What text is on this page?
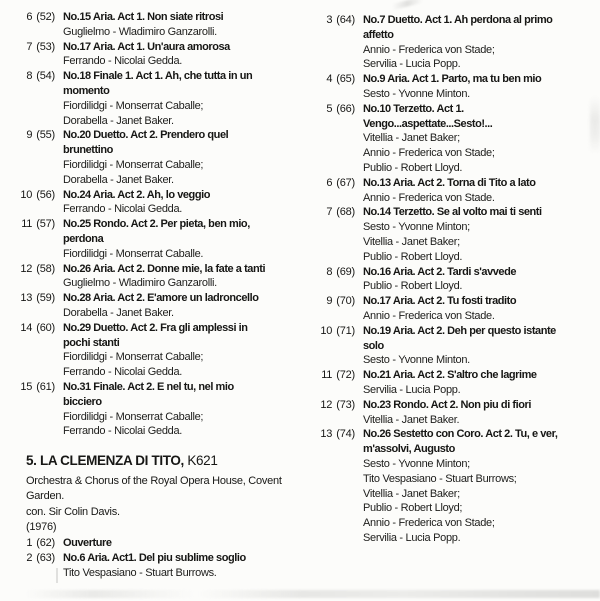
6 (52) No.15 Aria. Act 1. Non siate ritrosi
Guglielmo - Wladimiro Ganzarolli.
7 (53) No.17 Aria. Act 1. Un'aura amorosa
Ferrando - Nicolai Gedda.
8 (54) No.18 Finale 1. Act 1. Ah, che tutta in un
momento
Fiordilidgi - Monserrat Caballe;
Dorabella - Janet Baker.
9 (55) No.20 Duetto. Act 2. Prendero quel
brunettino
Fiordilidgi - Monserrat Caballe;
Dorabella - Janet Baker.
10 (56) No.24 Aria. Act 2. Ah, lo veggio
Ferrando - Nicolai Gedda.
11 (57) No.25 Rondo. Act 2. Per pieta, ben mio,
perdona
Fiordilidgi - Monserrat Caballe.
12 (58) No.26 Aria. Act 2. Donne mie, la fate a tanti
Guglielmo - Wladimiro Ganzarolli.
13 (59) No.28 Aria. Act 2. E'amore un ladroncello
Dorabella - Janet Baker.
14 (60) No.29 Duetto. Act 2. Fra gli amplessi in
pochi stanti
Fiordilidgi - Monserrat Caballe;
Ferrando - Nicolai Gedda.
15 (61) No.31 Finale. Act 2. E nel tu, nel mio
bicciero
Fiordilidgi - Monserrat Caballe;
Ferrando - Nicolai Gedda.
5. LA CLEMENZA DI TITO, K621
Orchestra & Chorus of the Royal Opera House, Covent
Garden.
con. Sir Colin Davis.
(1976)
1 (62) Ouverture
2 (63) No.6 Aria. Act1. Del piu sublime soglio
Tito Vespasiano - Stuart Burrows.
3 (64) No.7 Duetto. Act 1. Ah perdona al primo
affetto
Annio - Frederica von Stade;
Servilia - Lucia Popp.
4 (65) No.9 Aria. Act 1. Parto, ma tu ben mio
Sesto - Yvonne Minton.
5 (66) No.10 Terzetto. Act 1.
Vengo...aspettate...Sesto!...
Vitellia - Janet Baker;
Annio - Frederica von Stade;
Publio - Robert Lloyd.
6 (67) No.13 Aria. Act 2. Torna di Tito a lato
Annio - Frederica von Stade.
7 (68) No.14 Terzetto. Se al volto mai ti senti
Sesto - Yvonne Minton;
Vitellia - Janet Baker;
Publio - Robert Lloyd.
8 (69) No.16 Aria. Act 2. Tardi s'avvede
Publio - Robert Lloyd.
9 (70) No.17 Aria. Act 2. Tu fosti tradito
Annio - Frederica von Stade.
10 (71) No.19 Aria. Act 2. Deh per questo istante
solo
Sesto - Yvonne Minton.
11 (72) No.21 Aria. Act 2. S'altro che lagrime
Servilia - Lucia Popp.
12 (73) No.23 Rondo. Act 2. Non piu di fiori
Vitellia - Janet Baker.
13 (74) No.26 Sestetto con Coro. Act 2. Tu, e ver,
m'assolvi, Augusto
Sesto - Yvonne Minton;
Tito Vespasiano - Stuart Burrows;
Vitellia - Janet Baker;
Publio - Robert Lloyd;
Annio - Frederica von Stade;
Servilia - Lucia Popp.
